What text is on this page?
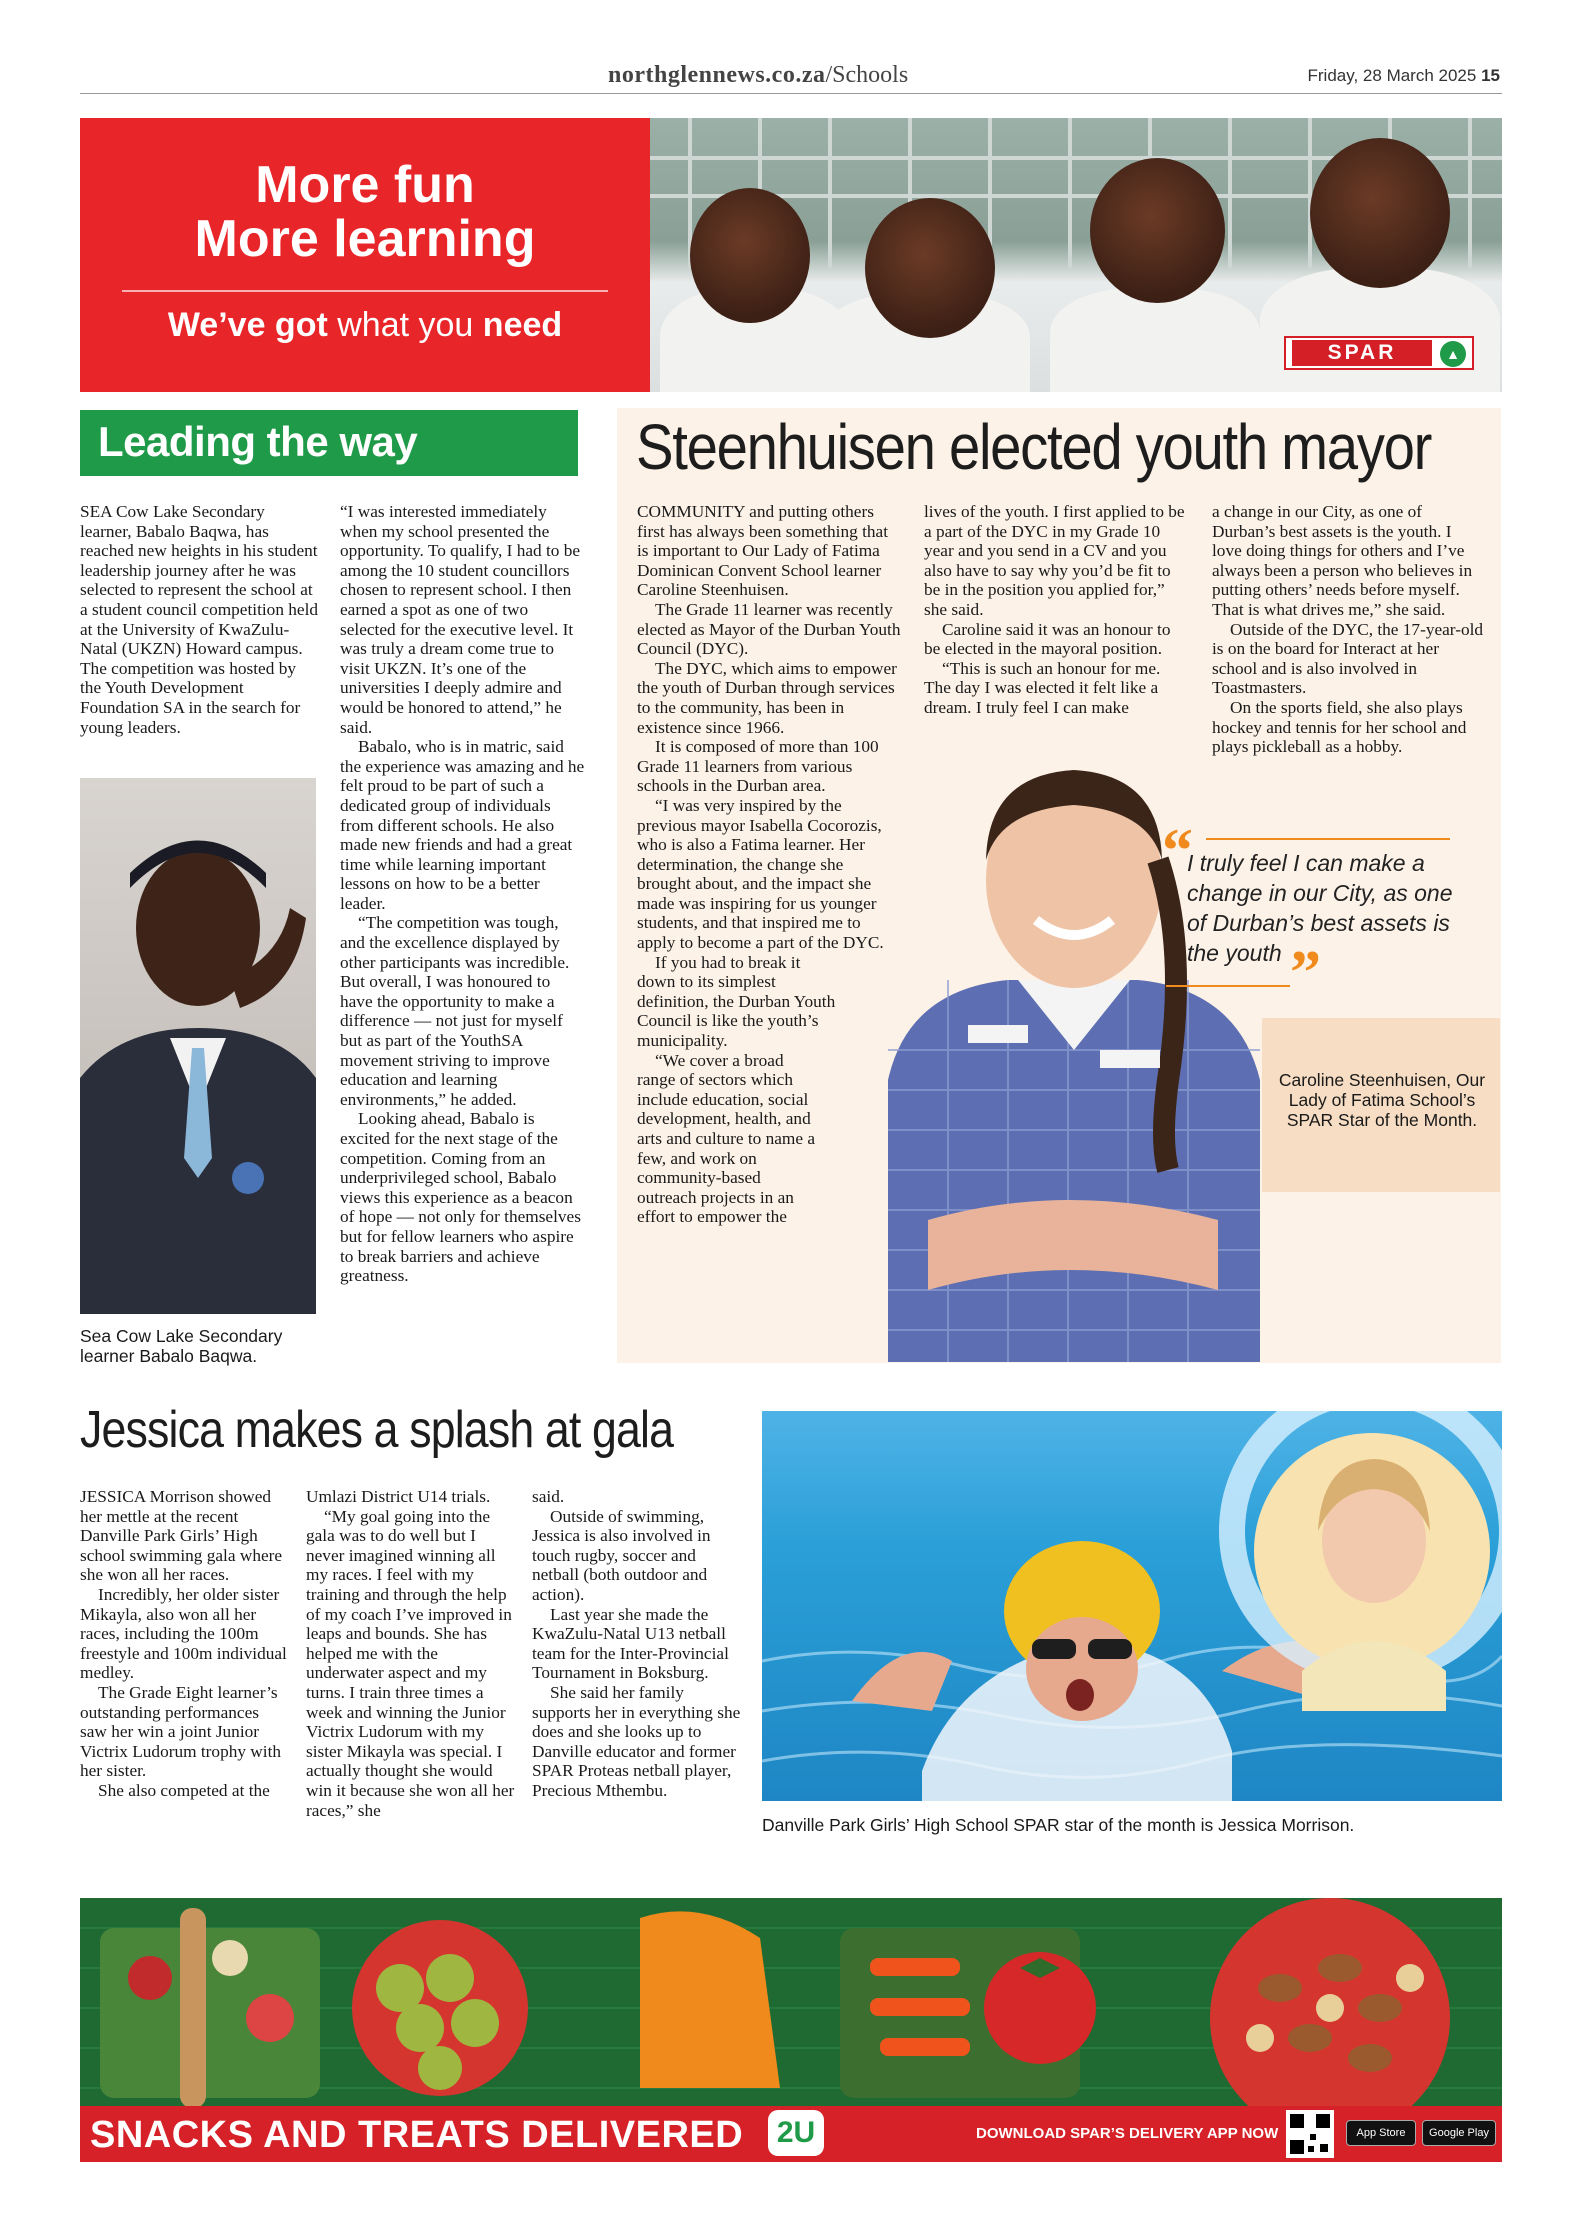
northglennews.co.za/Schools	Friday, 28 March 2025 15
More fun
More learning
We’ve got what you need
SPAR	▲
Leading the way

SEA Cow Lake Secondary learner, Babalo Baqwa, has reached new heights in his student leadership journey after he was selected to represent the school at a student council competition held at the University of KwaZulu-Natal (UKZN) Howard campus. The competition was hosted by the Youth Development Foundation SA in the search for young leaders.

Sea Cow Lake Secondary learner Babalo Baqwa.

“I was interested immediately when my school presented the opportunity. To qualify, I had to be among the 10 student councillors chosen to represent school. I then earned a spot as one of two selected for the executive level. It was truly a dream come true to visit UKZN. It’s one of the universities I deeply admire and would be honored to attend,” he said.

Babalo, who is in matric, said the experience was amazing and he felt proud to be part of such a dedicated group of individuals from different schools. He also made new friends and had a great time while learning important lessons on how to be a better leader.

“The competition was tough, and the excellence displayed by other participants was incredible. But overall, I was honoured to have the opportunity to make a difference — not just for myself but as part of the YouthSA movement striving to improve education and learning environments,” he added.

Looking ahead, Babalo is excited for the next stage of the competition. Coming from an underprivileged school, Babalo views this experience as a beacon of hope — not only for themselves but for fellow learners who aspire to break barriers and achieve greatness.

Steenhuisen elected youth mayor

COMMUNITY and putting others first has always been something that is important to Our Lady of Fatima Dominican Convent School learner Caroline Steenhuisen.

The Grade 11 learner was recently elected as Mayor of the Durban Youth Council (DYC).

The DYC, which aims to empower the youth of Durban through services to the community, has been in existence since 1966.

It is composed of more than 100 Grade 11 learners from various schools in the Durban area.

“I was very inspired by the previous mayor Isabella Cocorozis, who is also a Fatima learner. Her determination, the change she brought about, and the impact she made was inspiring for us younger students, and that inspired me to apply to become a part of the DYC.

If you had to break it down to its simplest definition, the Durban Youth Council is like the youth’s municipality.

“We cover a broad range of sectors which include education, social development, health, and arts and culture to name a few, and work on community-based outreach projects in an effort to empower the

lives of the youth. I first applied to be a part of the DYC in my Grade 10 year and you send in a CV and you also have to say why you’d be fit to be in the position you applied for,” she said.

Caroline said it was an honour to be elected in the mayoral position.

“This is such an honour for me. The day I was elected it felt like a dream. I truly feel I can make

a change in our City, as one of Durban’s best assets is the youth. I love doing things for others and I’ve always been a person who believes in putting others’ needs before myself. That is what drives me,” she said.

Outside of the DYC, the 17-year-old is on the board for Interact at her school and is also involved in Toastmasters.

On the sports field, she also plays hockey and tennis for her school and plays pickleball as a hobby.

“
I truly feel I can make a change in our City, as one of Durban’s best assets is the youth ”
Caroline Steenhuisen, Our Lady of Fatima School’s SPAR Star of the Month.
Jessica makes a splash at gala

JESSICA Morrison showed her mettle at the recent Danville Park Girls’ High school swimming gala where she won all her races.

Incredibly, her older sister Mikayla, also won all her races, including the 100m freestyle and 100m individual medley.

The Grade Eight learner’s outstanding performances saw her win a joint Junior Victrix Ludorum trophy with her sister.

She also competed at the

Umlazi District U14 trials.

“My goal going into the gala was to do well but I never imagined winning all my races. I feel with my training and through the help of my coach I’ve improved in leaps and bounds. She has helped me with the underwater aspect and my turns. I train three times a week and winning the Junior Victrix Ludorum with my sister Mikayla was special. I actually thought she would win it because she won all her races,” she

said.

Outside of swimming, Jessica is also involved in touch rugby, soccer and netball (both outdoor and action).

Last year she made the KwaZulu-Natal U13 netball team for the Inter-Provincial Tournament in Boksburg.

She said her family supports her in everything she does and she looks up to Danville educator and former SPAR Proteas netball player, Precious Mthembu.

Danville Park Girls’ High School SPAR star of the month is Jessica Morrison.
SNACKS AND TREATS DELIVERED 2U	DOWNLOAD SPAR’S DELIVERY APP NOW	App Store	Google Play
